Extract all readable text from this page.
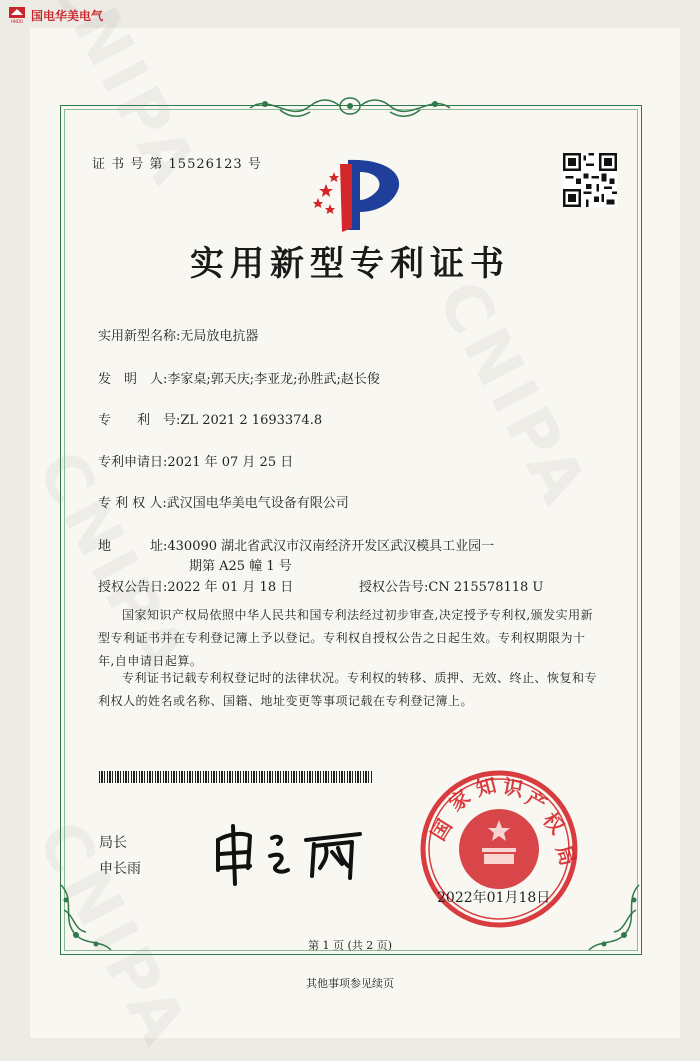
HNDD 国电华美电气
证 书 号 第 15526123 号
实用新型专利证书
实用新型名称:无局放电抗器
发　明　人:李家桌;郭天庆;李亚龙;孙胜武;赵长俊
专　　利　号:ZL 2021 2 1693374.8
专利申请日:2021 年 07 月 25 日
专 利 权 人:武汉国电华美电气设备有限公司
地　　　址:430090 湖北省武汉市汉南经济开发区武汉模具工业园一
期第 A25 幢 1 号
授权公告日:2022 年 01 月 18 日	授权公告号:CN 215578118 U
国家知识产权局依照中华人民共和国专利法经过初步审查,决定授予专利权,颁发实用新型专利证书并在专利登记簿上予以登记。专利权自授权公告之日起生效。专利权期限为十年,自申请日起算。
专利证书记载专利权登记时的法律状况。专利权的转移、质押、无效、终止、恢复和专利权人的姓名或名称、国籍、地址变更等事项记载在专利登记簿上。
局长
申长雨
国
家
知 识
产
权
局
2022年01月18日
第 1 页 (共 2 页)
其他事项参见续页
